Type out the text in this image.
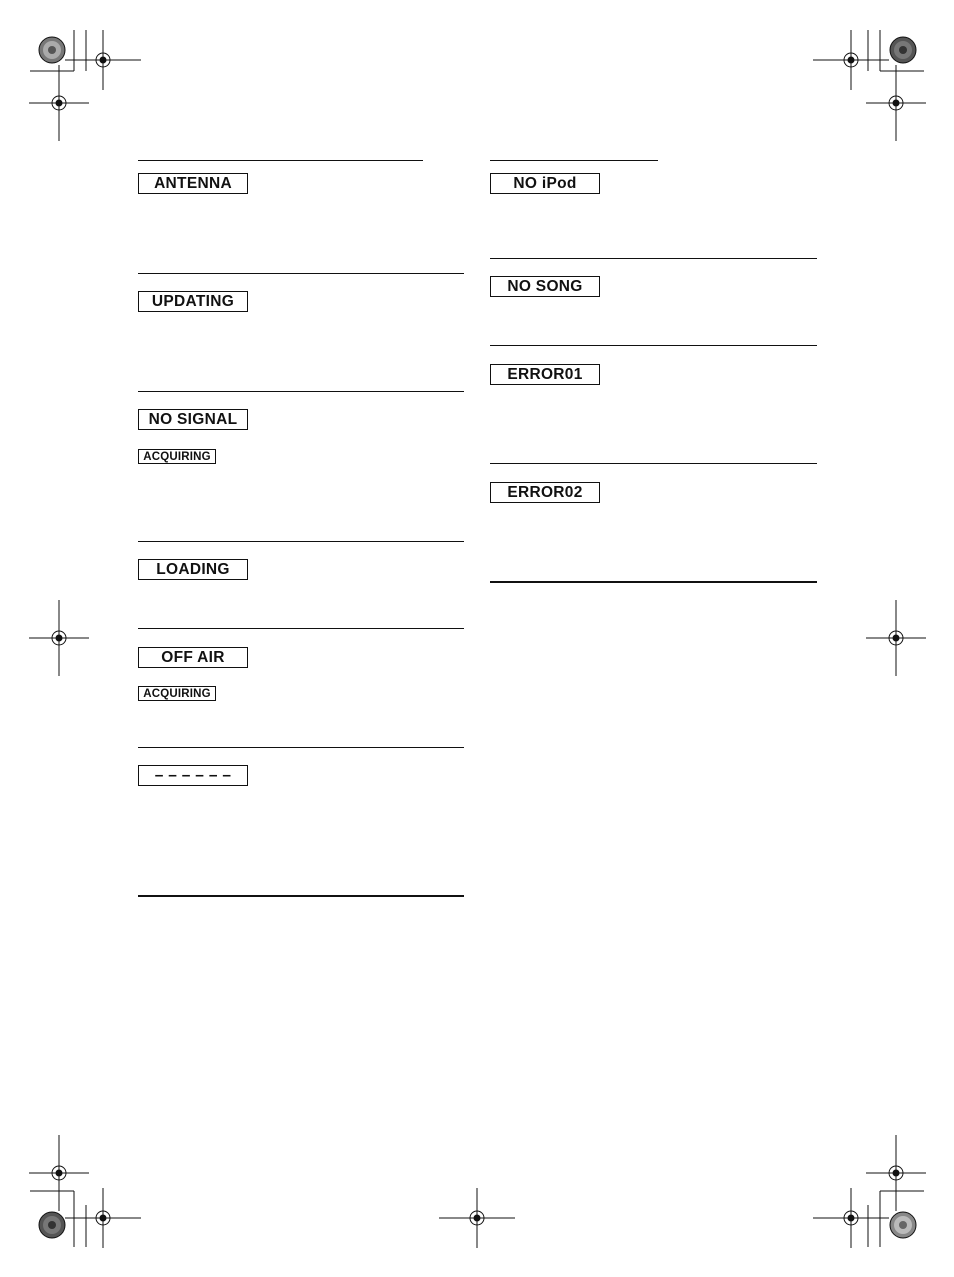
ANTENNA
UPDATING
NO SIGNAL
ACQUIRING
LOADING
OFF AIR
ACQUIRING
– – – – – –
NO iPod
NO SONG
ERROR01
ERROR02
